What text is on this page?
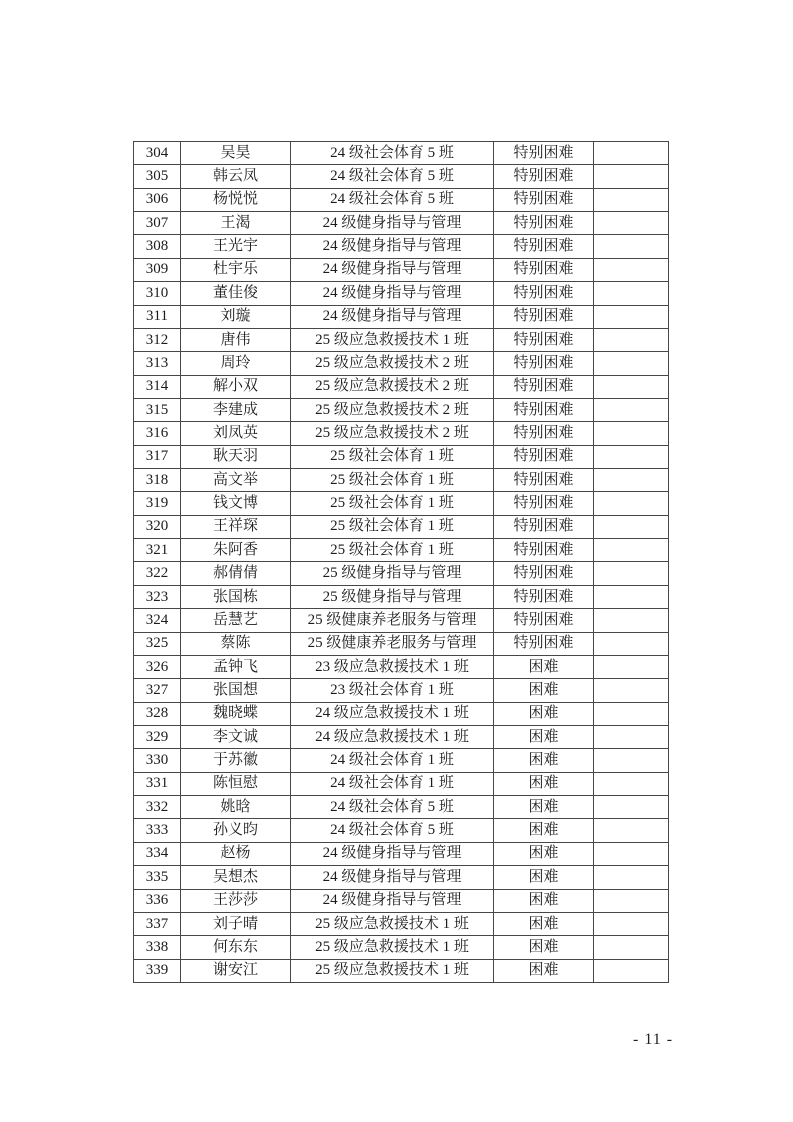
304	吴昊	24 级社会体育 5 班	特别困难	
305	韩云凤	24 级社会体育 5 班	特别困难	
306	杨悦悦	24 级社会体育 5 班	特别困难	
307	王渴	24 级健身指导与管理	特别困难	
308	王光宇	24 级健身指导与管理	特别困难	
309	杜宇乐	24 级健身指导与管理	特别困难	
310	董佳俊	24 级健身指导与管理	特别困难	
311	刘璇	24 级健身指导与管理	特别困难	
312	唐伟	25 级应急救援技术 1 班	特别困难	
313	周玲	25 级应急救援技术 2 班	特别困难	
314	解小双	25 级应急救援技术 2 班	特别困难	
315	李建成	25 级应急救援技术 2 班	特别困难	
316	刘凤英	25 级应急救援技术 2 班	特别困难	
317	耿天羽	25 级社会体育 1 班	特别困难	
318	高文举	25 级社会体育 1 班	特别困难	
319	钱文博	25 级社会体育 1 班	特别困难	
320	王祥琛	25 级社会体育 1 班	特别困难	
321	朱阿香	25 级社会体育 1 班	特别困难	
322	郝倩倩	25 级健身指导与管理	特别困难	
323	张国栋	25 级健身指导与管理	特别困难	
324	岳慧艺	25 级健康养老服务与管理	特别困难	
325	蔡陈	25 级健康养老服务与管理	特别困难	
326	孟钟飞	23 级应急救援技术 1 班	困难	
327	张国想	23 级社会体育 1 班	困难	
328	魏晓蝶	24 级应急救援技术 1 班	困难	
329	李文诚	24 级应急救援技术 1 班	困难	
330	于苏徽	24 级社会体育 1 班	困难	
331	陈恒慰	24 级社会体育 1 班	困难	
332	姚晗	24 级社会体育 5 班	困难	
333	孙义昀	24 级社会体育 5 班	困难	
334	赵杨	24 级健身指导与管理	困难	
335	吴想杰	24 级健身指导与管理	困难	
336	王莎莎	24 级健身指导与管理	困难	
337	刘子晴	25 级应急救援技术 1 班	困难	
338	何东东	25 级应急救援技术 1 班	困难	
339	谢安江	25 级应急救援技术 1 班	困难	
- 11 -
